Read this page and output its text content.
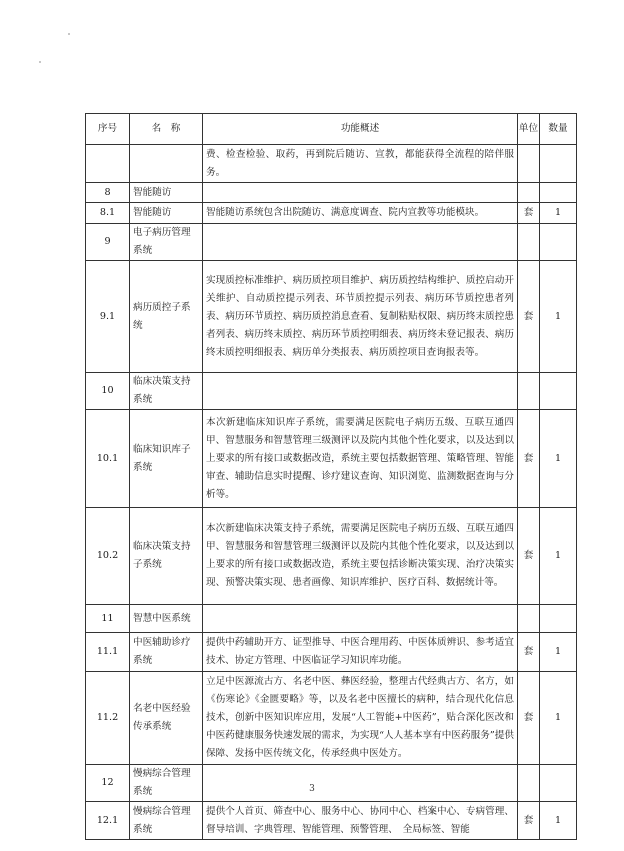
序号	名　称	功能概述	单位	数量
		费、检查检验、取药，再到院后随访、宣教，都能获得全流程的陪伴服务。		
8	智能随访			
8.1	智能随访	智能随访系统包含出院随访、满意度调查、院内宣教等功能模块。	套	1
9	电子病历管理系统			
9.1	病历质控子系统	实现质控标准维护、病历质控项目维护、病历质控结构维护、质控启动开关维护、自动质控提示列表、环节质控提示列表、病历环节质控患者列表、病历环节质控、病历质控消息查看、复制粘贴权限、病历终末质控患者列表、病历终末质控、病历环节质控明细表、病历终未登记报表、病历终末质控明细报表、病历单分类报表、病历质控项目查询报表等。	套	1
10	临床决策支持系统			
10.1	临床知识库子系统	本次新建临床知识库子系统，需要满足医院电子病历五级、互联互通四甲、智慧服务和智慧管理三级测评以及院内其他个性化要求，以及达到以上要求的所有接口或数据改造，系统主要包括数据管理、策略管理、智能审查、辅助信息实时提醒、诊疗建议查询、知识浏览、监测数据查询与分析等。	套	1
10.2	临床决策支持子系统	本次新建临床决策支持子系统，需要满足医院电子病历五级、互联互通四甲、智慧服务和智慧管理三级测评以及院内其他个性化要求，以及达到以上要求的所有接口或数据改造，系统主要包括诊断决策实现、治疗决策实现、预警决策实现、患者画像、知识库维护、医疗百科、数据统计等。	套	1
11	智慧中医系统			
11.1	中医辅助诊疗系统	提供中药辅助开方、证型推导、中医合理用药、中医体质辨识、参考适宜技术、协定方管理、中医临证学习知识库功能。	套	1
11.2	名老中医经验传承系统	立足中医源流古方、名老中医、彝医经验，整理古代经典古方、名方，如《伤寒论》《金匮要略》等，以及名老中医擅长的病种，结合现代化信息技术，创新中医知识库应用，发展“人工智能+中医药”，贴合深化医改和中医药健康服务快速发展的需求，为实现“人人基本享有中医药服务”提供保障、发扬中医传统文化，传承经典中医处方。	套	1
12	慢病综合管理系统			
12.1	慢病综合管理系统	提供个人首页、筛查中心、服务中心、协同中心、档案中心、专病管理、督导培训、字典管理、智能管理、预警管理、　全局标签、智能	套	1
3
